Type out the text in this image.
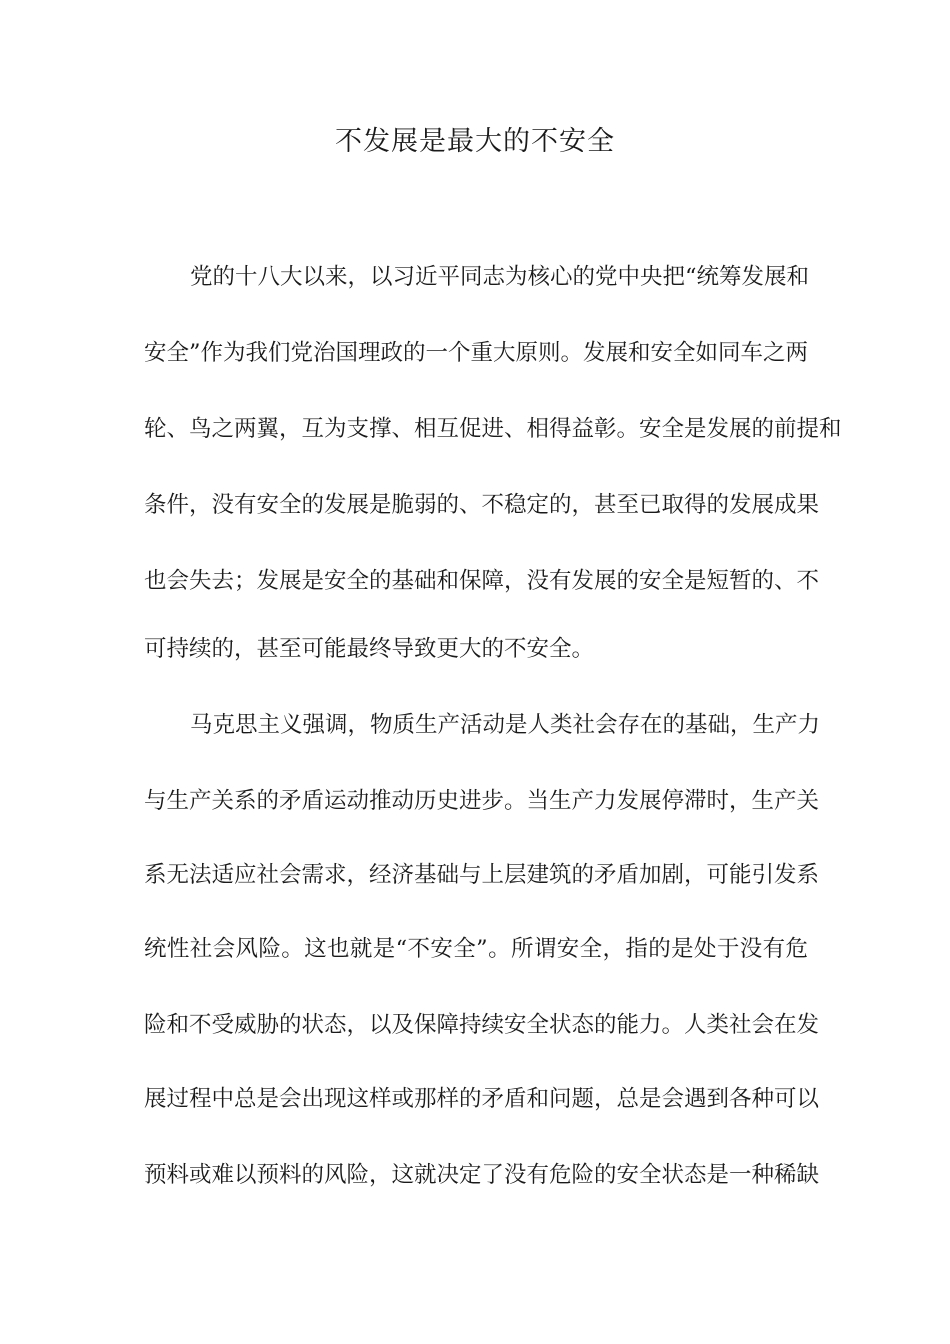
不发展是最大的不安全
党的十八大以来，以习近平同志为核心的党中央把“统筹发展和
安全”作为我们党治国理政的一个重大原则。发展和安全如同车之两
轮、鸟之两翼，互为支撑、相互促进、相得益彰。安全是发展的前提和
条件，没有安全的发展是脆弱的、不稳定的，甚至已取得的发展成果
也会失去；发展是安全的基础和保障，没有发展的安全是短暂的、不
可持续的，甚至可能最终导致更大的不安全。
马克思主义强调，物质生产活动是人类社会存在的基础，生产力
与生产关系的矛盾运动推动历史进步。当生产力发展停滞时，生产关
系无法适应社会需求，经济基础与上层建筑的矛盾加剧，可能引发系
统性社会风险。这也就是“不安全”。所谓安全，指的是处于没有危
险和不受威胁的状态，以及保障持续安全状态的能力。人类社会在发
展过程中总是会出现这样或那样的矛盾和问题，总是会遇到各种可以
预料或难以预料的风险，这就决定了没有危险的安全状态是一种稀缺
